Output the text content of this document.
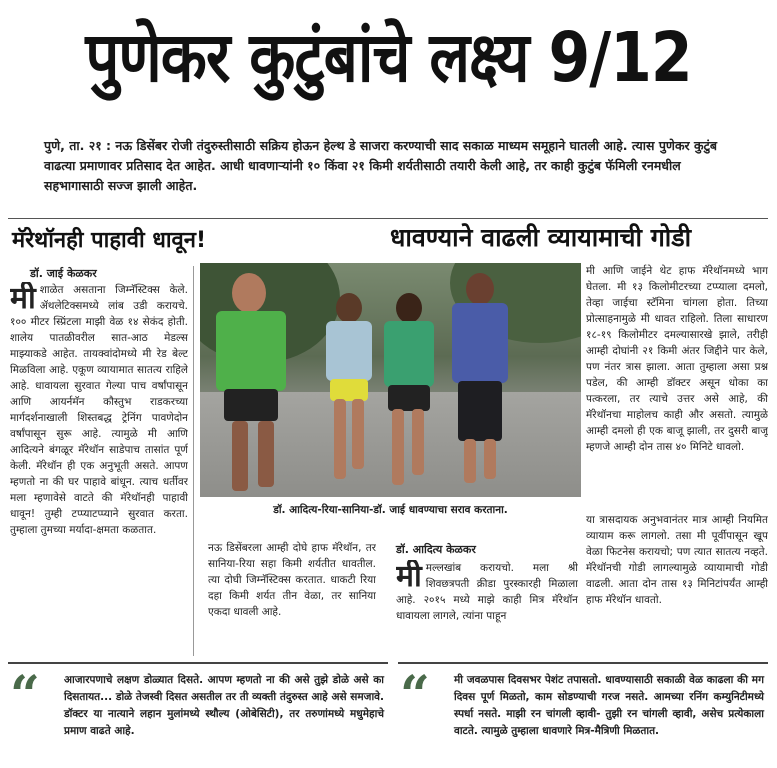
पुणेकर कुटुंबांचे लक्ष्य 9/12
पुणे, ता. २१ : नऊ डिसेंबर रोजी तंदुरुस्तीसाठी सक्रिय होऊन हेल्थ डे साजरा करण्याची साद सकाळ माध्यम समूहाने घातली आहे. त्यास पुणेकर कुटुंब वाढत्या प्रमाणावर प्रतिसाद देत आहेत. आधी धावणाऱ्यांनी १० किंवा २१ किमी शर्यतीसाठी तयारी केली आहे, तर काही कुटुंब फॅमिली रनमधील सहभागासाठी सज्ज झाली आहेत.
मॅरेथॉनही पाहावी धावून!	धावण्याने वाढली व्यायामाची गोडी
डॉ. जाई केळकर
मी शाळेत असताना जिम्नॅस्टिक्स केले. ॲथलेटिक्समध्ये लांब उडी करायचे. १०० मीटर स्प्रिंटला माझी वेळ १४ सेकंद होती. शालेय पातळीवरील सात-आठ मेडल्स माझ्याकडे आहेत. तायक्वांदोमध्ये मी रेड बेल्ट मिळविला आहे. एकूण व्यायामात सातत्य राहिले आहे. धावायला सुरवात गेल्या पाच वर्षांपासून आणि आयर्नमॅन कौस्तुभ राडकरच्या मार्गदर्शनाखाली शिस्तबद्ध ट्रेनिंग पावणेदोन वर्षांपासून सुरू आहे. त्यामुळे मी आणि आदित्यने बंगळूर मॅरेथॉन साडेपाच तासांत पूर्ण केली. मॅरेथॉन ही एक अनुभूती असते. आपण म्हणतो ना की घर पाहावे बांधून. त्याच धर्तीवर मला म्हणावेसे वाटते की मॅरेथॉनही पाहावी धावून! तुम्ही टप्प्याटप्प्याने सुरवात करता. तुम्हाला तुमच्या मर्यादा-क्षमता कळतात.
डॉ. आदित्य-रिया-सानिया-डॉ. जाई धावण्याचा सराव करताना.
मी आणि जाईने थेट हाफ मॅरेथॉनमध्ये भाग घेतला. मी १३ किलोमीटरच्या टप्प्याला दमलो, तेव्हा जाईचा स्टॅमिना चांगला होता. तिच्या प्रोत्साहनामुळे मी धावत राहिलो. तिला साधारण १८-१९ किलोमीटर दमल्यासारखे झाले, तरीही आम्ही दोघांनी २१ किमी अंतर जिद्दीने पार केले, पण नंतर त्रास झाला. आता तुम्हाला असा प्रश्न पडेल, की आम्ही डॉक्टर असून धोका का पत्करला, तर त्याचे उत्तर असे आहे, की मॅरेथॉनचा माहोलच काही और असतो. त्यामुळे आम्ही दमलो ही एक बाजू झाली, तर दुसरी बाजू म्हणजे आम्ही दोन तास ४० मिनिटे धावलो.
या त्रासदायक अनुभवानंतर मात्र आम्ही नियमित व्यायाम करू लागलो. तसा मी पूर्वीपासून खूप वेळा फिटनेस करायचो; पण त्यात सातत्य नव्हते. मॅरेथॉनची गोडी लागल्यामुळे व्यायामाची गोडी वाढली. आता दोन तास १३ मिनिटांपर्यंत आम्ही हाफ मॅरेथॉन धावतो.
नऊ डिसेंबरला आम्ही दोघे हाफ मॅरेथॉन, तर सानिया-रिया सहा किमी शर्यतीत धावतील. त्या दोघी जिम्नॅस्टिक्स करतात. धाकटी रिया दहा किमी शर्यत तीन वेळा, तर सानिया एकदा धावली आहे.
डॉ. आदित्य केळकर
मी मल्लखांब करायचो. मला श्री शिवछत्रपती क्रीडा पुरस्कारही मिळाला आहे. २०१५ मध्ये माझे काही मित्र मॅरेथॉन धावायला लागले, त्यांना पाहून
“ आजारपणाचे लक्षण डोळ्यात दिसते. आपण म्हणतो ना की असे तुझे डोळे असे का दिसतायत... डोळे तेजस्वी दिसत असतील तर ती व्यक्ती तंदुरुस्त आहे असे समजावे. डॉक्टर या नात्याने लहान मुलांमध्ये स्थौल्य (ओबेसिटी), तर तरुणांमध्ये मधुमेहाचे प्रमाण वाढते आहे.
“ मी जवळपास दिवसभर पेशंट तपासतो. धावण्यासाठी सकाळी वेळ काढला की मग दिवस पूर्ण मिळतो, काम सोडण्याची गरज नसते. आमच्या रनिंग कम्युनिटीमध्ये स्पर्धा नसते. माझी रन चांगली व्हावी- तुझी रन चांगली व्हावी, असेच प्रत्येकाला वाटते. त्यामुळे तुम्हाला धावणारे मित्र-मैत्रिणी मिळतात.
